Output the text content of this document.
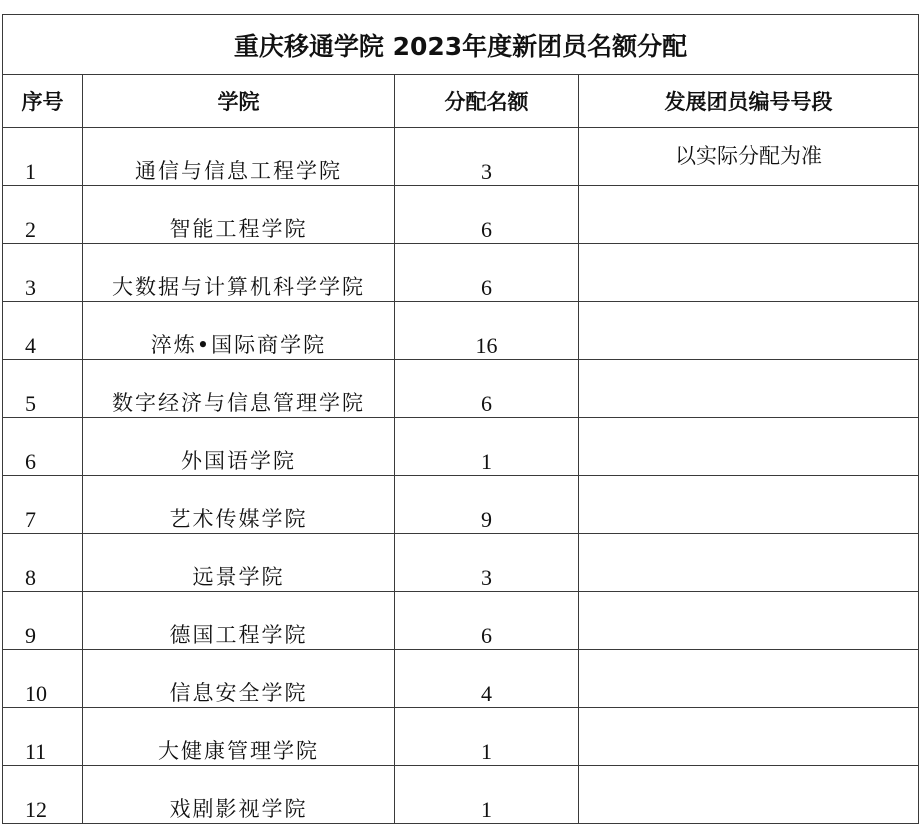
重庆移通学院 2023年度新团员名额分配			
序号	学院	分配名额	发展团员编号号段
1	通信与信息工程学院	3	以实际分配为准
2	智能工程学院	6	
3	大数据与计算机科学学院	6	
4	淬炼•国际商学院	16	
5	数字经济与信息管理学院	6	
6	外国语学院	1	
7	艺术传媒学院	9	
8	远景学院	3	
9	德国工程学院	6	
10	信息安全学院	4	
11	大健康管理学院	1	
12	戏剧影视学院	1	
